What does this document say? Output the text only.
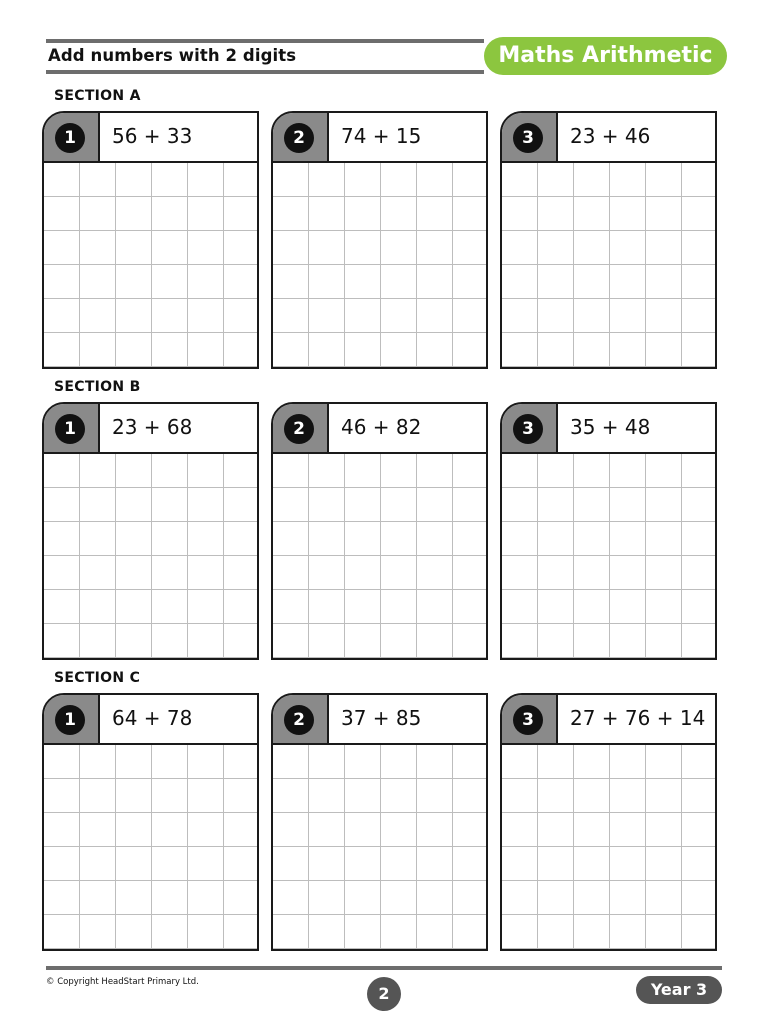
Add numbers with 2 digits	Maths Arithmetic
SECTION A
1	56 + 33	2	74 + 15	3	23 + 46
SECTION B
1	23 + 68	2	46 + 82	3	35 + 48
SECTION C
1	64 + 78	2	37 + 85	3	27 + 76 + 14
© Copyright HeadStart Primary Ltd.
2	Year 3
